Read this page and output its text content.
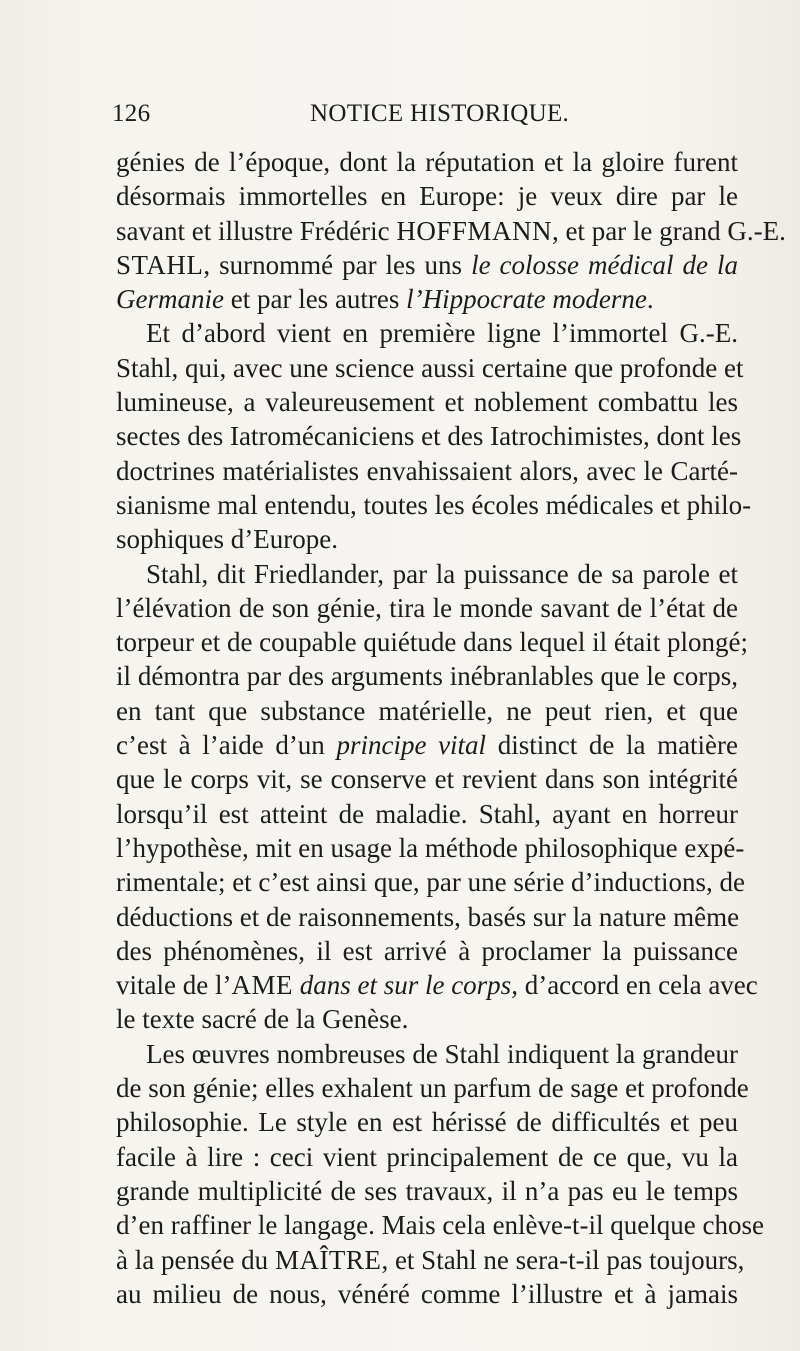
126	NOTICE HISTORIQUE.
génies de l’époque, dont la réputation et la gloire furent
désormais immortelles en Europe: je veux dire par le
savant et illustre Frédéric HOFFMANN, et par le grand G.-E.
STAHL, surnommé par les uns le colosse médical de la
Germanie et par les autres l’Hippocrate moderne.
Et d’abord vient en première ligne l’immortel G.-E.
Stahl, qui, avec une science aussi certaine que profonde et
lumineuse, a valeureusement et noblement combattu les
sectes des Iatromécaniciens et des Iatrochimistes, dont les
doctrines matérialistes envahissaient alors, avec le Carté-
sianisme mal entendu, toutes les écoles médicales et philo-
sophiques d’Europe.
Stahl, dit Friedlander, par la puissance de sa parole et
l’élévation de son génie, tira le monde savant de l’état de
torpeur et de coupable quiétude dans lequel il était plongé;
il démontra par des arguments inébranlables que le corps,
en tant que substance matérielle, ne peut rien, et que
c’est à l’aide d’un principe vital distinct de la matière
que le corps vit, se conserve et revient dans son intégrité
lorsqu’il est atteint de maladie. Stahl, ayant en horreur
l’hypothèse, mit en usage la méthode philosophique expé-
rimentale; et c’est ainsi que, par une série d’inductions, de
déductions et de raisonnements, basés sur la nature même
des phénomènes, il est arrivé à proclamer la puissance
vitale de l’AME dans et sur le corps, d’accord en cela avec
le texte sacré de la Genèse.
Les œuvres nombreuses de Stahl indiquent la grandeur
de son génie; elles exhalent un parfum de sage et profonde
philosophie. Le style en est hérissé de difficultés et peu
facile à lire : ceci vient principalement de ce que, vu la
grande multiplicité de ses travaux, il n’a pas eu le temps
d’en raffiner le langage. Mais cela enlève-t-il quelque chose
à la pensée du MAÎTRE, et Stahl ne sera-t-il pas toujours,
au milieu de nous, vénéré comme l’illustre et à jamais
